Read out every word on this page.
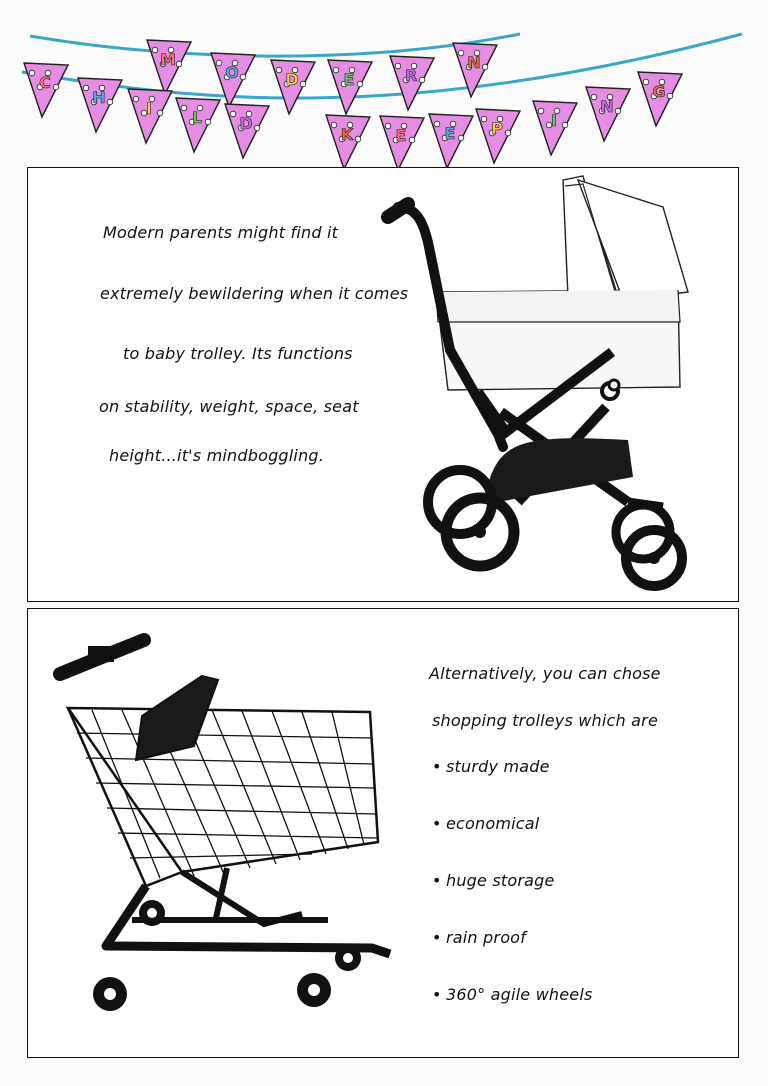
M
O	D	E	R
N
C
H
I L D
K	E E P	I
N
G
Modern parents might find it
extremely bewildering when it comes
to baby trolley. Its functions
on stability, weight, space, seat
height...it's mindboggling.
Alternatively, you can chose
shopping trolleys which are
• sturdy made
• economical
• huge storage
• rain proof
• 360° agile wheels
